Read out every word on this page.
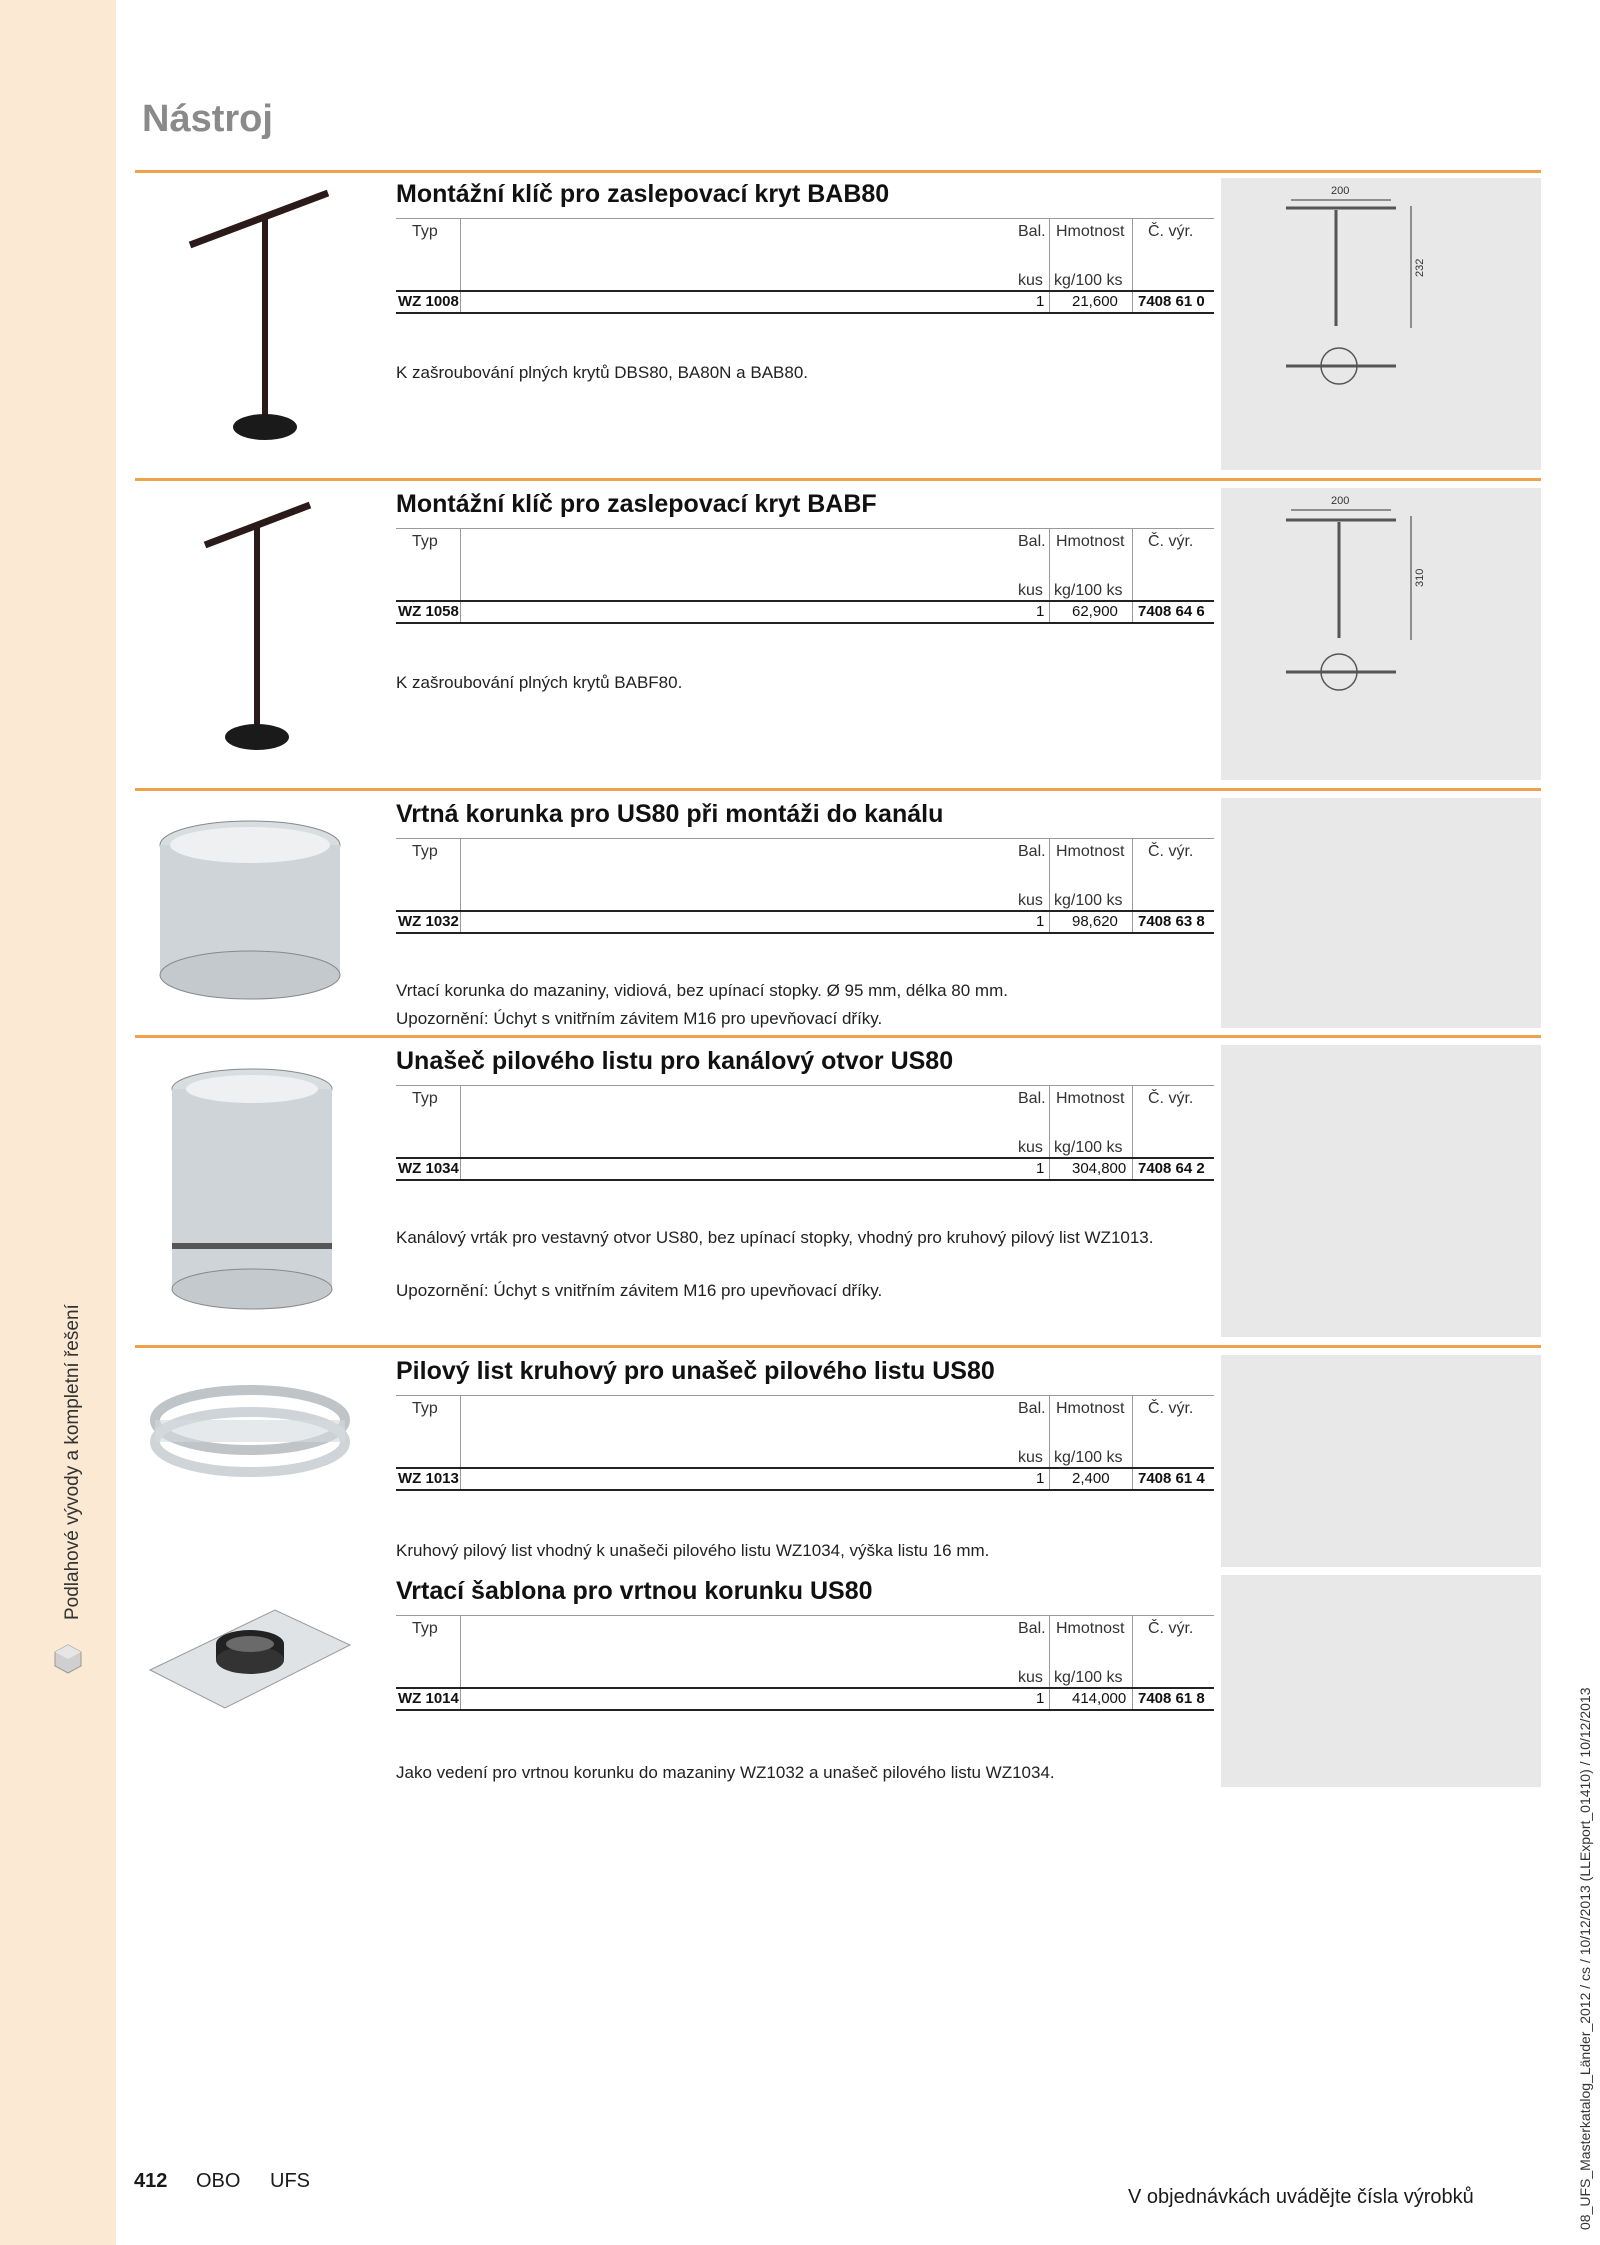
Podlahové vývody a kompletní řešení
Nástroj
08_UFS_Masterkatalog_Länder_2012 / cs / 10/12/2013 (LLExport_01410) / 10/12/2013
Montážní klíč pro zaslepovací kryt BAB80
Typ	Bal. Hmotnost Č. výr.
kus kg/100 ks
WZ 1008	1 21,600 7408 61 0
K zašroubování plných krytů DBS80, BA80N a BAB80.
200
232
Montážní klíč pro zaslepovací kryt BABF
Typ	Bal. Hmotnost Č. výr.
kus kg/100 ks
WZ 1058	1 62,900 7408 64 6
K zašroubování plných krytů BABF80.
200
310
Vrtná korunka pro US80 při montáži do kanálu
Typ	Bal. Hmotnost Č. výr.
kus kg/100 ks
WZ 1032	1 98,620 7408 63 8
Vrtací korunka do mazaniny, vidiová, bez upínací stopky. Ø 95 mm, délka 80 mm.
Upozornění: Úchyt s vnitřním závitem M16 pro upevňovací dříky.
Unašeč pilového listu pro kanálový otvor US80
Typ	Bal. Hmotnost Č. výr.
kus kg/100 ks
WZ 1034	1 304,800 7408 64 2
Kanálový vrták pro vestavný otvor US80, bez upínací stopky, vhodný pro kruhový pilový list WZ1013.
Upozornění: Úchyt s vnitřním závitem M16 pro upevňovací dříky.
Pilový list kruhový pro unašeč pilového listu US80
Typ	Bal. Hmotnost Č. výr.
kus kg/100 ks
WZ 1013	1 2,400 7408 61 4
Kruhový pilový list vhodný k unašeči pilového listu WZ1034, výška listu 16 mm.
Vrtací šablona pro vrtnou korunku US80
Typ	Bal. Hmotnost Č. výr.
kus kg/100 ks
WZ 1014	1 414,000 7408 61 8
Jako vedení pro vrtnou korunku do mazaniny WZ1032 a unašeč pilového listu WZ1034.
412 OBO UFS
V objednávkách uvádějte čísla výrobků
